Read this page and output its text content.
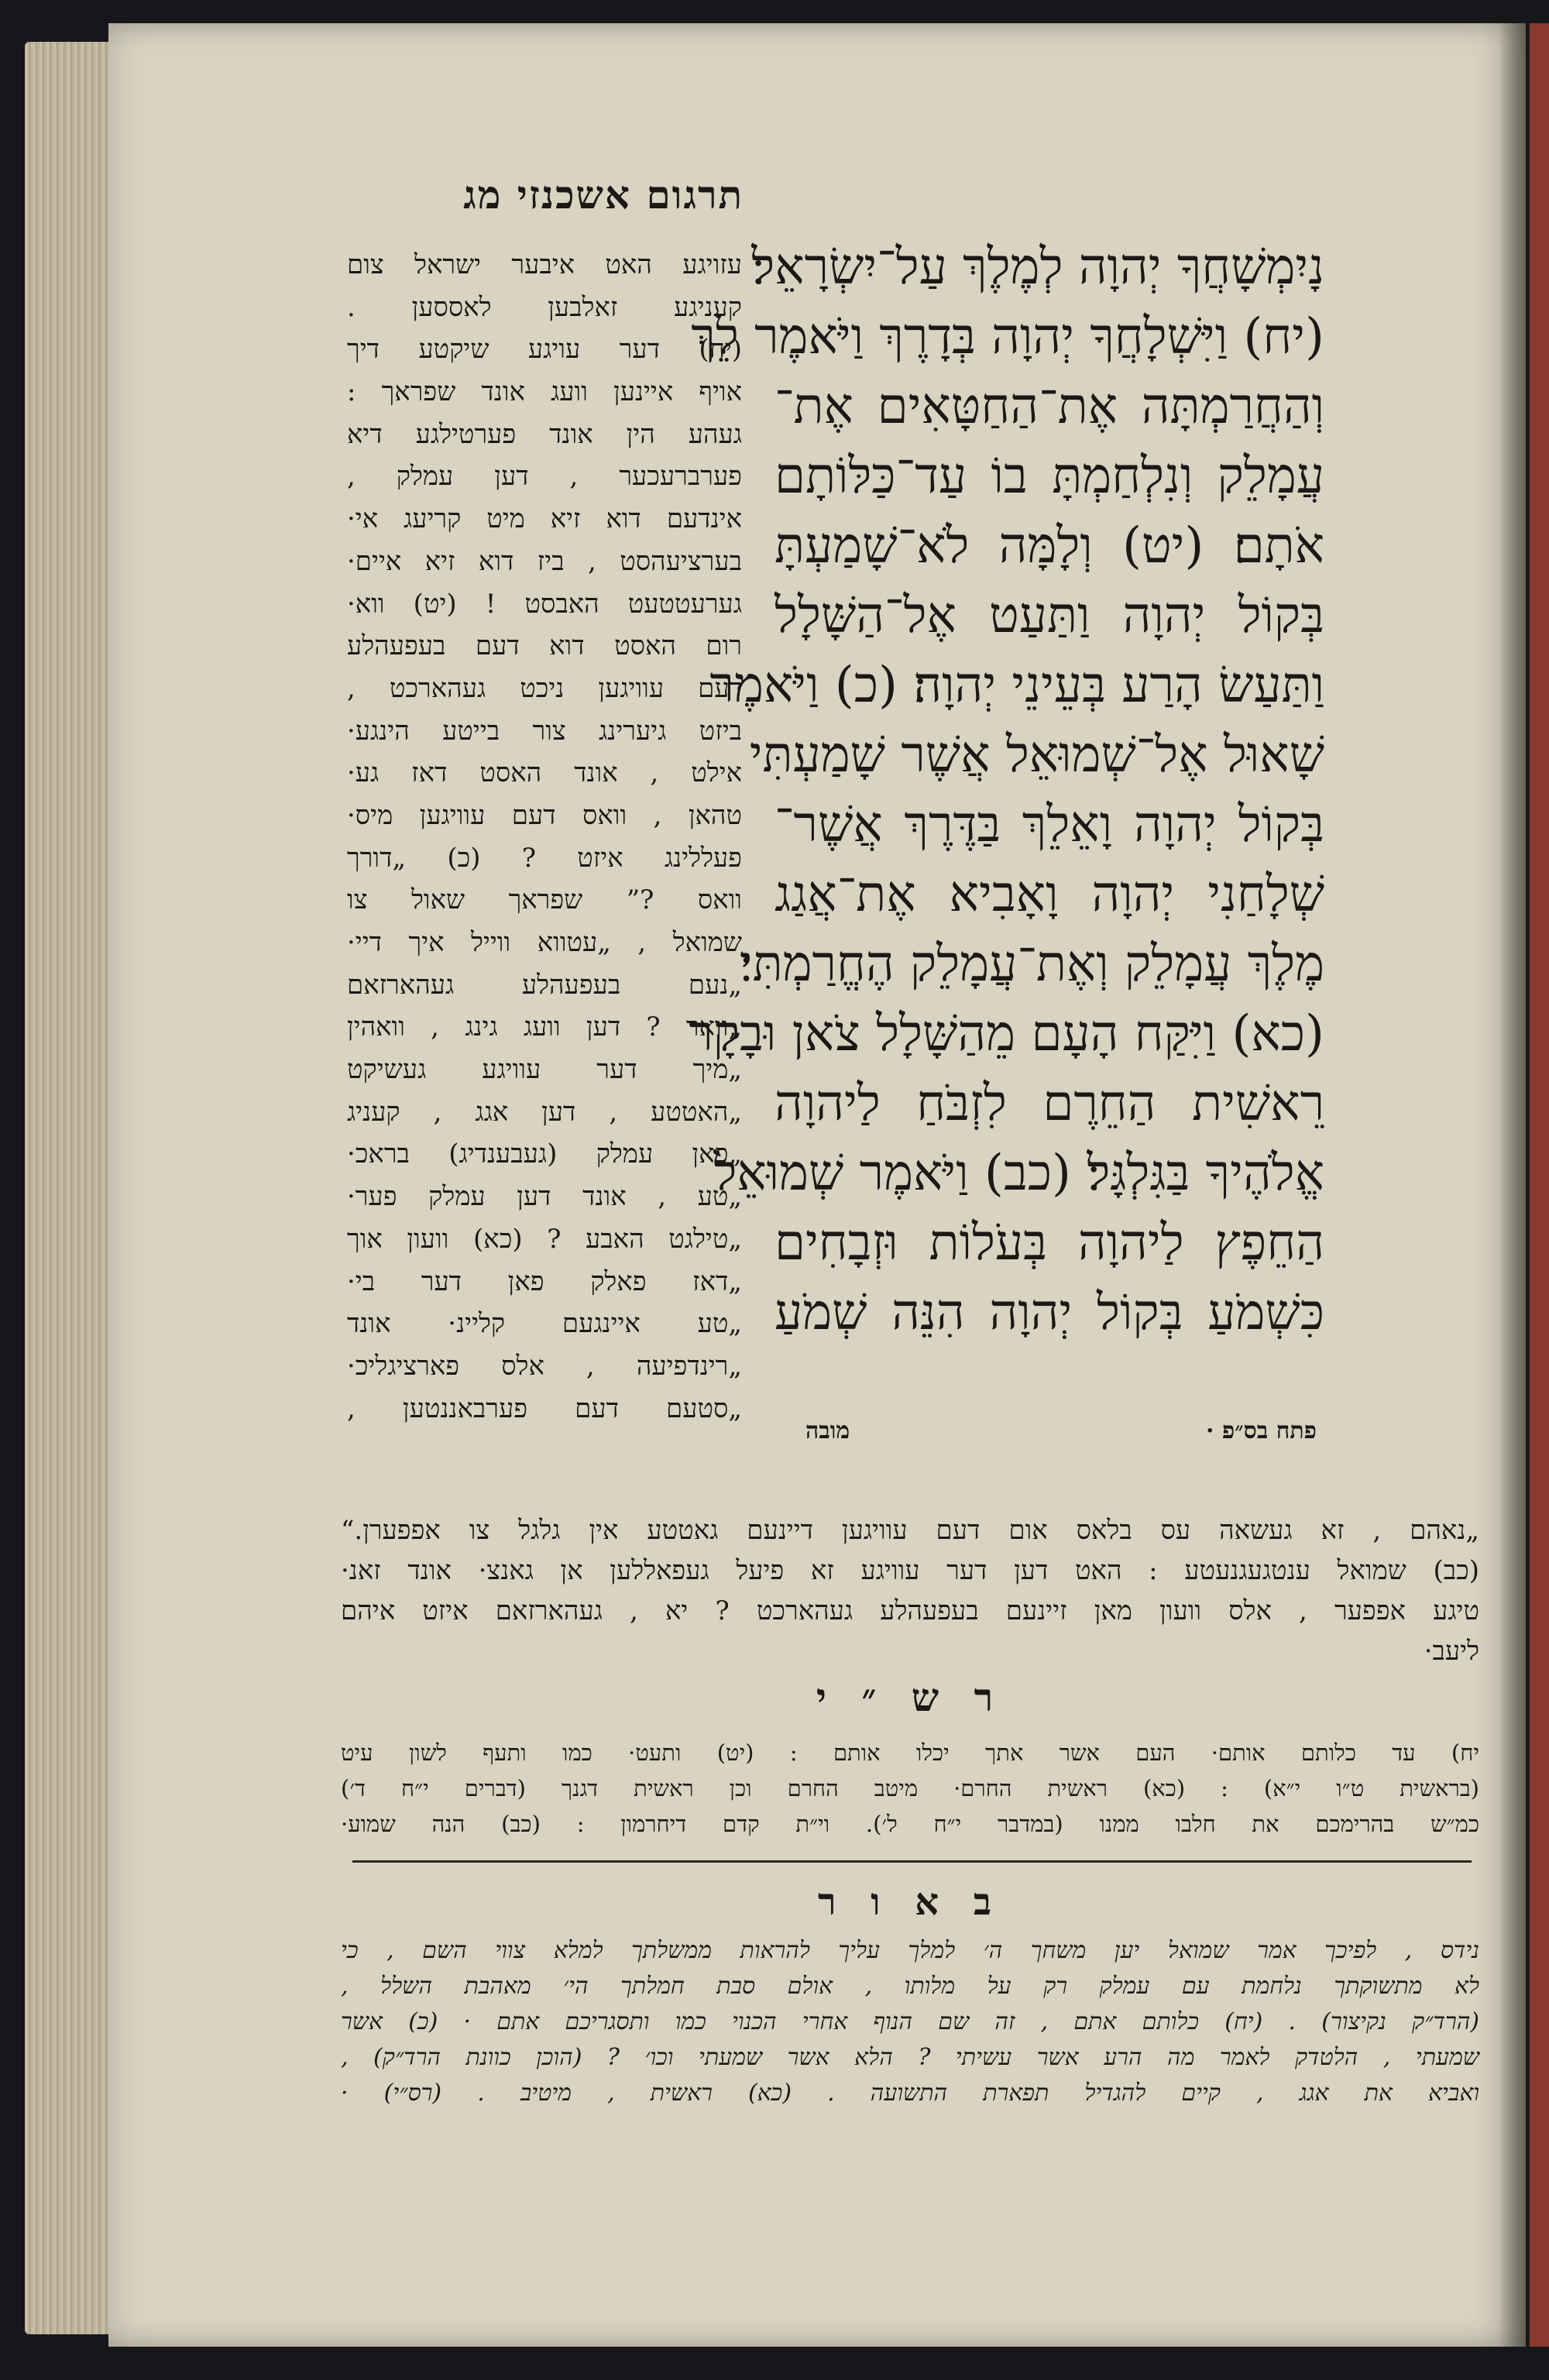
תרגום אשכנזי מג
נָיִמְשָׁחֲךָ יְהוָה לְמֶלֶךְ עַל־יִשְׂרָאֵל׃
(יח) וַיִּשְׁלָחֲךָ יְהוָה בְּדָרֶךְ וַיֹּאמֶר לֵךְ
וְהַחֲרַמְתָּה אֶת־הַחַטָּאִים אֶת־
עֲמָלֵק וְנִלְחַמְתָּ בוֹ עַד־כַּלּוֹתָם
אֹתָם׃ (יט) וְלָמָּה לֹא־שָׁמַעְתָּ
בְּקוֹל יְהוָה וַתַּעַט אֶל־הַשָּׁלָל
וַתַּעַשׂ הָרַע בְּעֵינֵי יְהוָה׃ (כ) וַיֹּאמֶר
שָׁאוּל אֶל־שְׁמוּאֵל אֲשֶׁר שָׁמַעְתִּי
בְּקוֹל יְהוָה וָאֵלֵךְ בַּדֶּרֶךְ אֲשֶׁר־
שְׁלָחַנִי יְהוָה וָאָבִיא אֶת־אֲגַג
מֶלֶךְ עֲמָלֵק וְאֶת־עֲמָלֵק הֶחֱרַמְתִּי׃
(כא) וַיִּקַּח הָעָם מֵהַשָּׁלָל צֹאן וּבָקָר
רֵאשִׁית הַחֵרֶם לִזְבֹּחַ לַיהוָה
אֱלֹהֶיךָ בַּגִּלְגָּל׃ (כב) וַיֹּאמֶר שְׁמוּאֵל
הַחֵפֶץ לַיהוָה בְּעֹלוֹת וּזְבָחִים
כִּשְׁמֹעַ בְּקוֹל יְהוָה הִנֵּה שְׁמֹעַ
פתח בס״פ ·
מובה
עזויגע האט איבער ישראל צום
קעניגע זאלבען לאססען .
(יח) דער עויגע שיקטע דיך
אויף איינען וועג אונד שפראך :
געהע הין אונד פערטילגע דיא
פערברעכער , דען עמלק ,
אינדעם דוא זיא מיט קריעג אי·
בערציעהסט , ביז דוא זיא איים·
גערעטטעט האבסט ! (יט) ווא·
רום האסט דוא דעם בעפעהלע
דעם עוויגען ניכט געהארכט ,
ביזט גיערינג צור בייטע הינגע·
אילט , אונד האסט דאז גע·
טהאן , וואס דעם עוויגען מיס·
פעללינג איזט ? (כ) „דורך
וואס ?” שפראך שאול צו
שמואל , „עטווא ווייל איך דיי·
„נעם בעפעהלע געהארזאם
„וואר ? דען וועג גינג , וואהין
„מיך דער עוויגע געשיקט
„האטטע , דען אגג , קעניג
„פאן עמלק (געבענדיג) בראכ·
„טע , אונד דען עמלק פער·
„טילגט האבע ? (כא) וועון אוך
„דאז פאלק פאן דער בי·
„טע איינגעם קליינ· אונד
„רינדפיעה , אלס פארציגליכ·
„סטעם דעם פערבאננטען ,
„נאהם , זא געשאה עס בלאס אום דעם עוויגען דיינעם גאטטע אין גלגל צו אפפערן.“
(כב) שמואל ענטגעגנעטע : האט דען דער עוויגע זא פיעל געפאללען אן גאנצ· אונד זאנ·
טיגע אפפער , אלס וועון מאן זיינעם בעפעהלע געהארכט ? יא , געהארזאם איזט איהם
ליעב·
ר ש ״ י
יח) עד כלותם אותם· העם אשר אתך יכלו אותם : (יט) ותעט· כמו ותעף לשון עיט
(בראשית ט״ו י״א) : (כא) ראשית החרם· מיטב החרם וכן ראשית דגנך (דברים י״ח ד׳)
כמ״ש בהרימכם את חלבו ממנו (במדבר י״ח ל׳). וי״ת קדם דיחרמון : (כב) הנה שמוע·
ב א ו ר
נידס , לפיכך אמר שמואל יען משחך ה׳ למלך עליך להראות ממשלתך למלא צווי השם , כי
לא מתשוקתך נלחמת עם עמלק רק על מלותו , אולם סבת חמלתך הי׳ מאהבת השלל ,
(הרד״ק נקיצור) . (יח) כלותם אתם , זה שם הנוף אחרי הכנוי כמו ותסגריכם אתם · (כ) אשר
שמעתי , הלטדק לאמר מה הרע אשר עשיתי ? הלא אשר שמעתי וכו׳ ? (הוכן כוונת הרד״ק) ,
ואביא את אגג , קיים להגדיל תפארת התשועה . (כא) ראשית , מיטיב . (רס״י) ·
